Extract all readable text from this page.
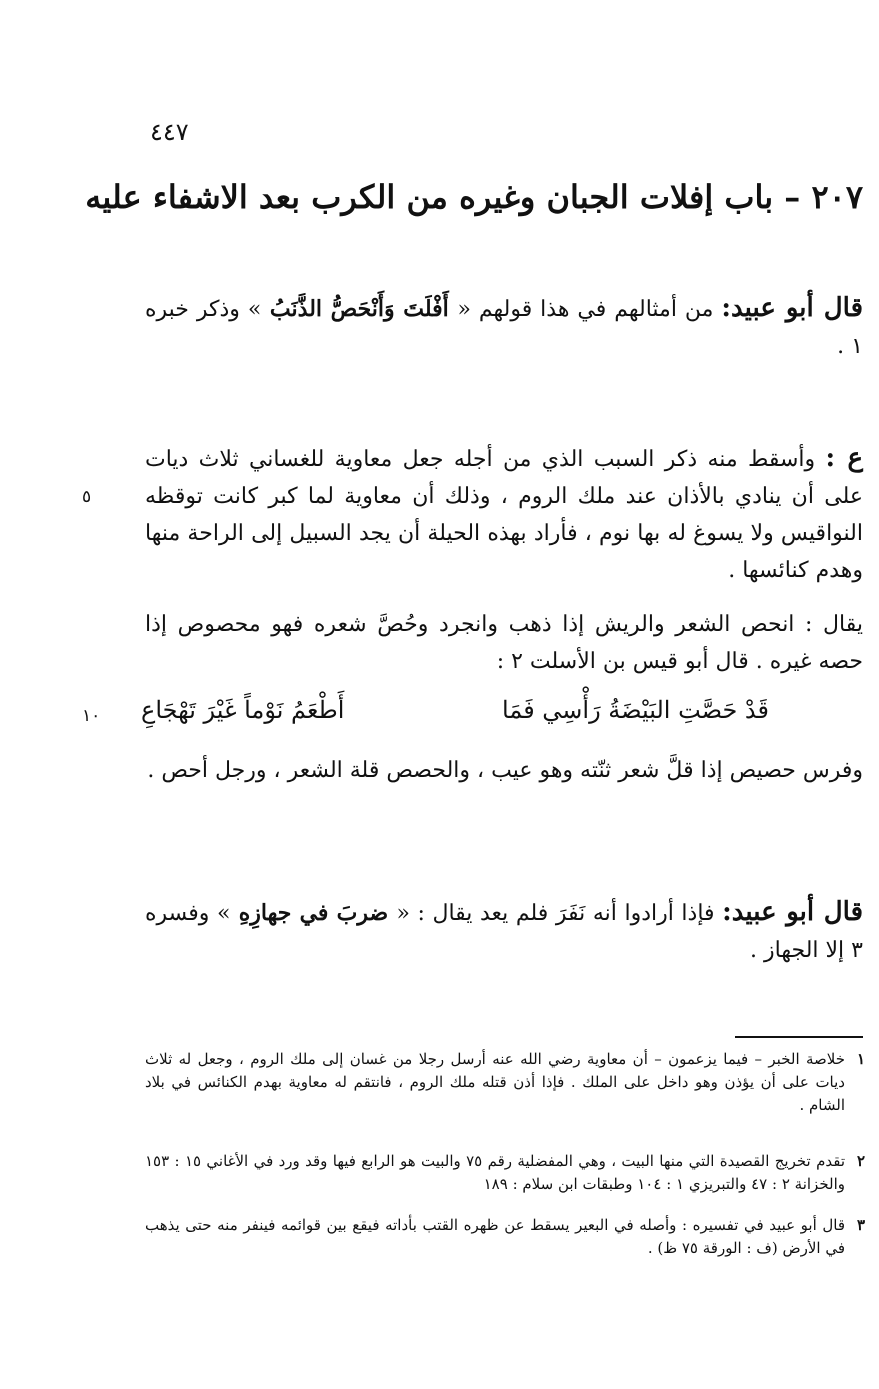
٤٤٧
٢٠٧ – باب إفلات الجبان وغيره من الكرب بعد الاشفاء عليه
قال أبو عبيد: من أمثالهم في هذا قولهم « أَفْلَتَ وَأَنْحَصُّ الذَّنَبُ » وذكر خبره ١ .
ع : وأسقط منه ذكر السبب الذي من أجله جعل معاوية للغساني ثلاث ديات على أن ينادي بالأذان عند ملك الروم ، وذلك أن معاوية لما كبر كانت توقظه النواقيس ولا يسوغ له بها نوم ، فأراد بهذه الحيلة أن يجد السبيل إلى الراحة منها وهدم كنائسها .
يقال : انحص الشعر والريش إذا ذهب وانجرد وحُصَّ شعره فهو محصوص إذا حصه غيره . قال أبو قيس بن الأسلت ٢ :
قَدْ حَصَّتِ البَيْضَةُ رَأْسِي فَمَا
أَطْعَمُ نَوْماً غَيْرَ تَهْجَاعِ
وفرس حصيص إذا قلَّ شعر ثنّته وهو عيب ، والحصص قلة الشعر ، ورجل أحص .
قال أبو عبيد: فإذا أرادوا أنه نَفَرَ فلم يعد يقال : « ضربَ في جهازِهِ » وفسره ٣ إلا الجهاز .
٥
١٠
١
خلاصة الخبر – فيما يزعمون – أن معاوية رضي الله عنه أرسل رجلا من غسان إلى ملك الروم ، وجعل له ثلاث ديات على أن يؤذن وهو داخل على الملك . فإذا أذن قتله ملك الروم ، فانتقم له معاوية بهدم الكنائس في بلاد الشام .
٢
تقدم تخريج القصيدة التي منها البيت ، وهي المفضلية رقم ٧٥ والبيت هو الرابع فيها وقد ورد في الأغاني ١٥ : ١٥٣ والخزانة ٢ : ٤٧ والتبريزي ١ : ١٠٤ وطبقات ابن سلام : ١٨٩
٣
قال أبو عبيد في تفسيره : وأصله في البعير يسقط عن ظهره القتب بأداته فيقع بين قوائمه فينفر منه حتى يذهب في الأرض (ف : الورقة ٧٥ ظ) .
